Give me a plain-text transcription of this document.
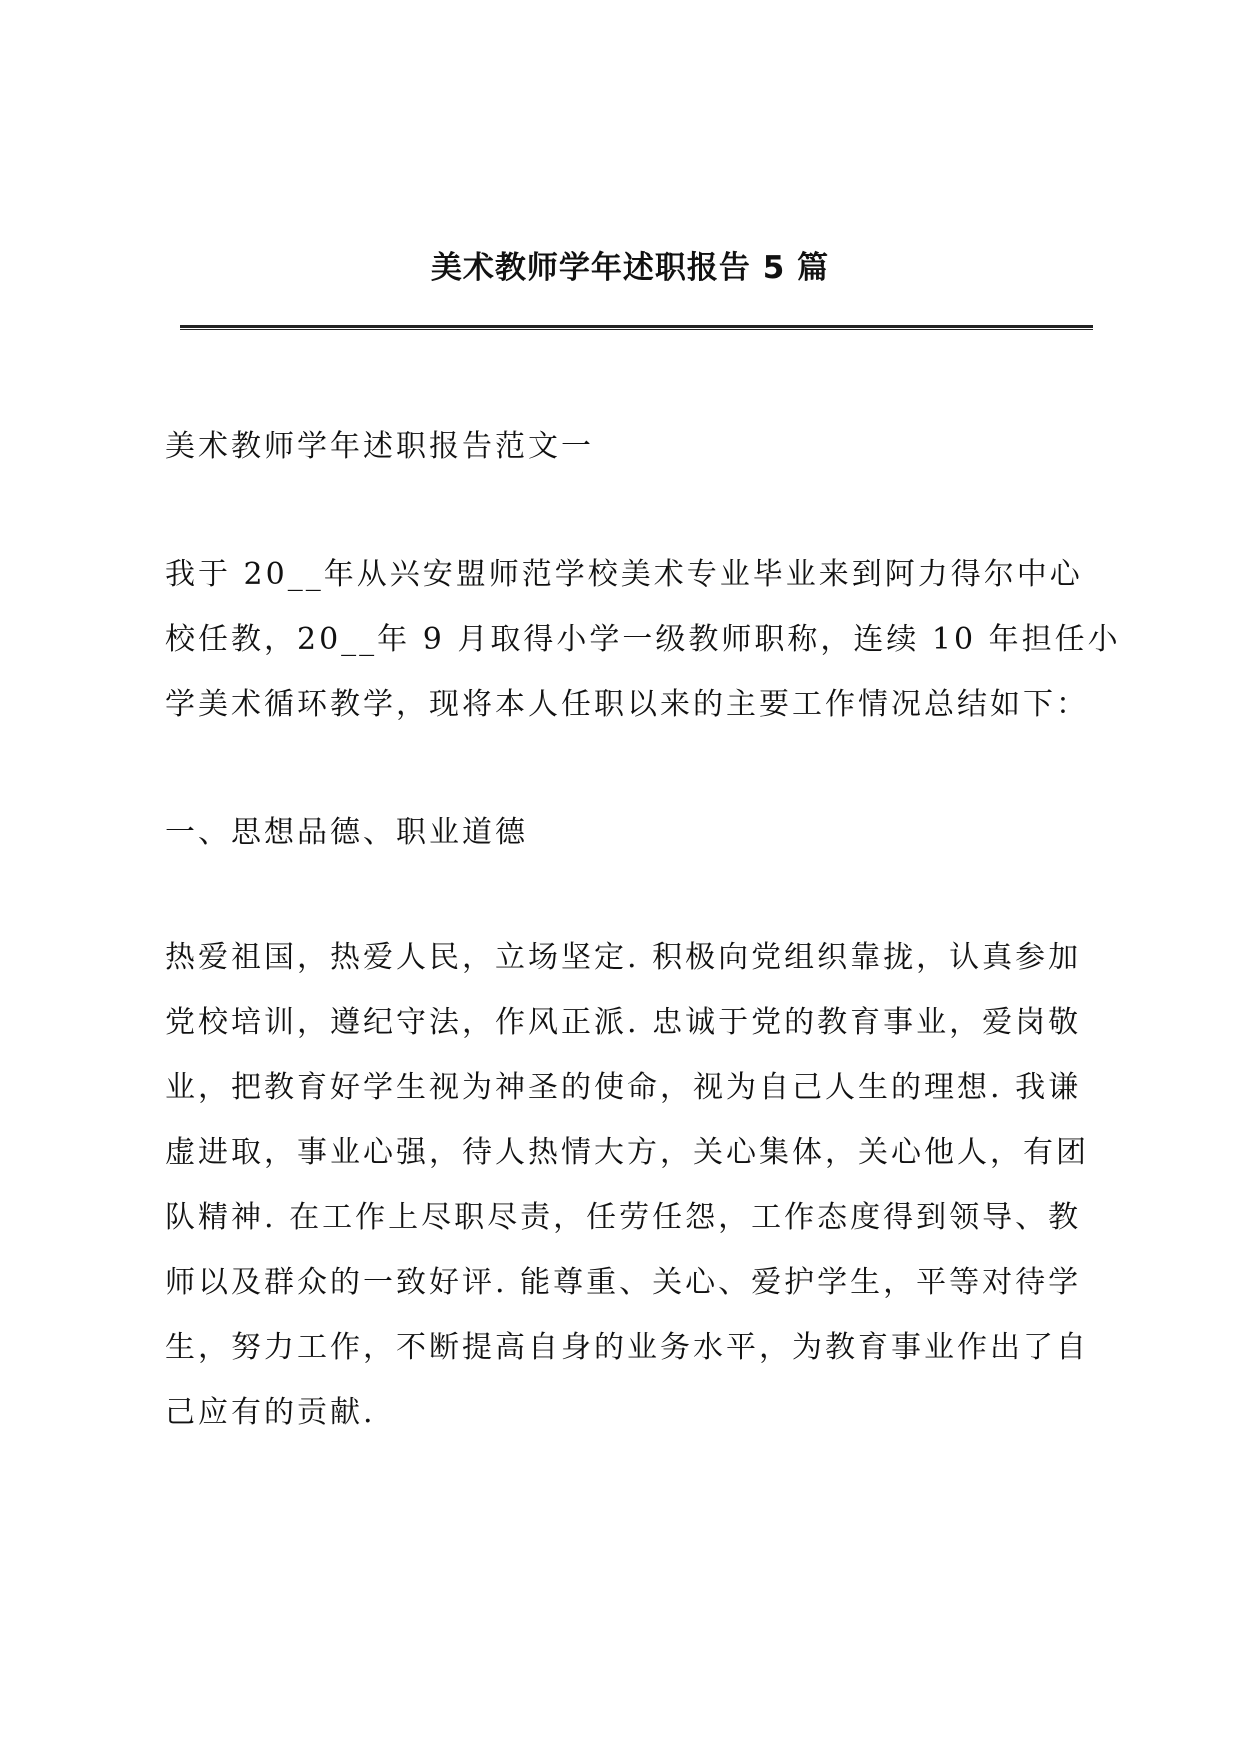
美术教师学年述职报告 5 篇
美术教师学年述职报告范文一
我于 20__年从兴安盟师范学校美术专业毕业来到阿力得尔中心
校任教，20__年 9 月取得小学一级教师职称，连续 10 年担任小
学美术循环教学，现将本人任职以来的主要工作情况总结如下：
一、思想品德、职业道德
热爱祖国，热爱人民，立场坚定. 积极向党组织靠拢，认真参加
党校培训，遵纪守法，作风正派. 忠诚于党的教育事业，爱岗敬
业，把教育好学生视为神圣的使命，视为自己人生的理想. 我谦
虚进取，事业心强，待人热情大方，关心集体，关心他人，有团
队精神. 在工作上尽职尽责，任劳任怨，工作态度得到领导、教
师以及群众的一致好评. 能尊重、关心、爱护学生，平等对待学
生，努力工作，不断提高自身的业务水平，为教育事业作出了自
己应有的贡献.
